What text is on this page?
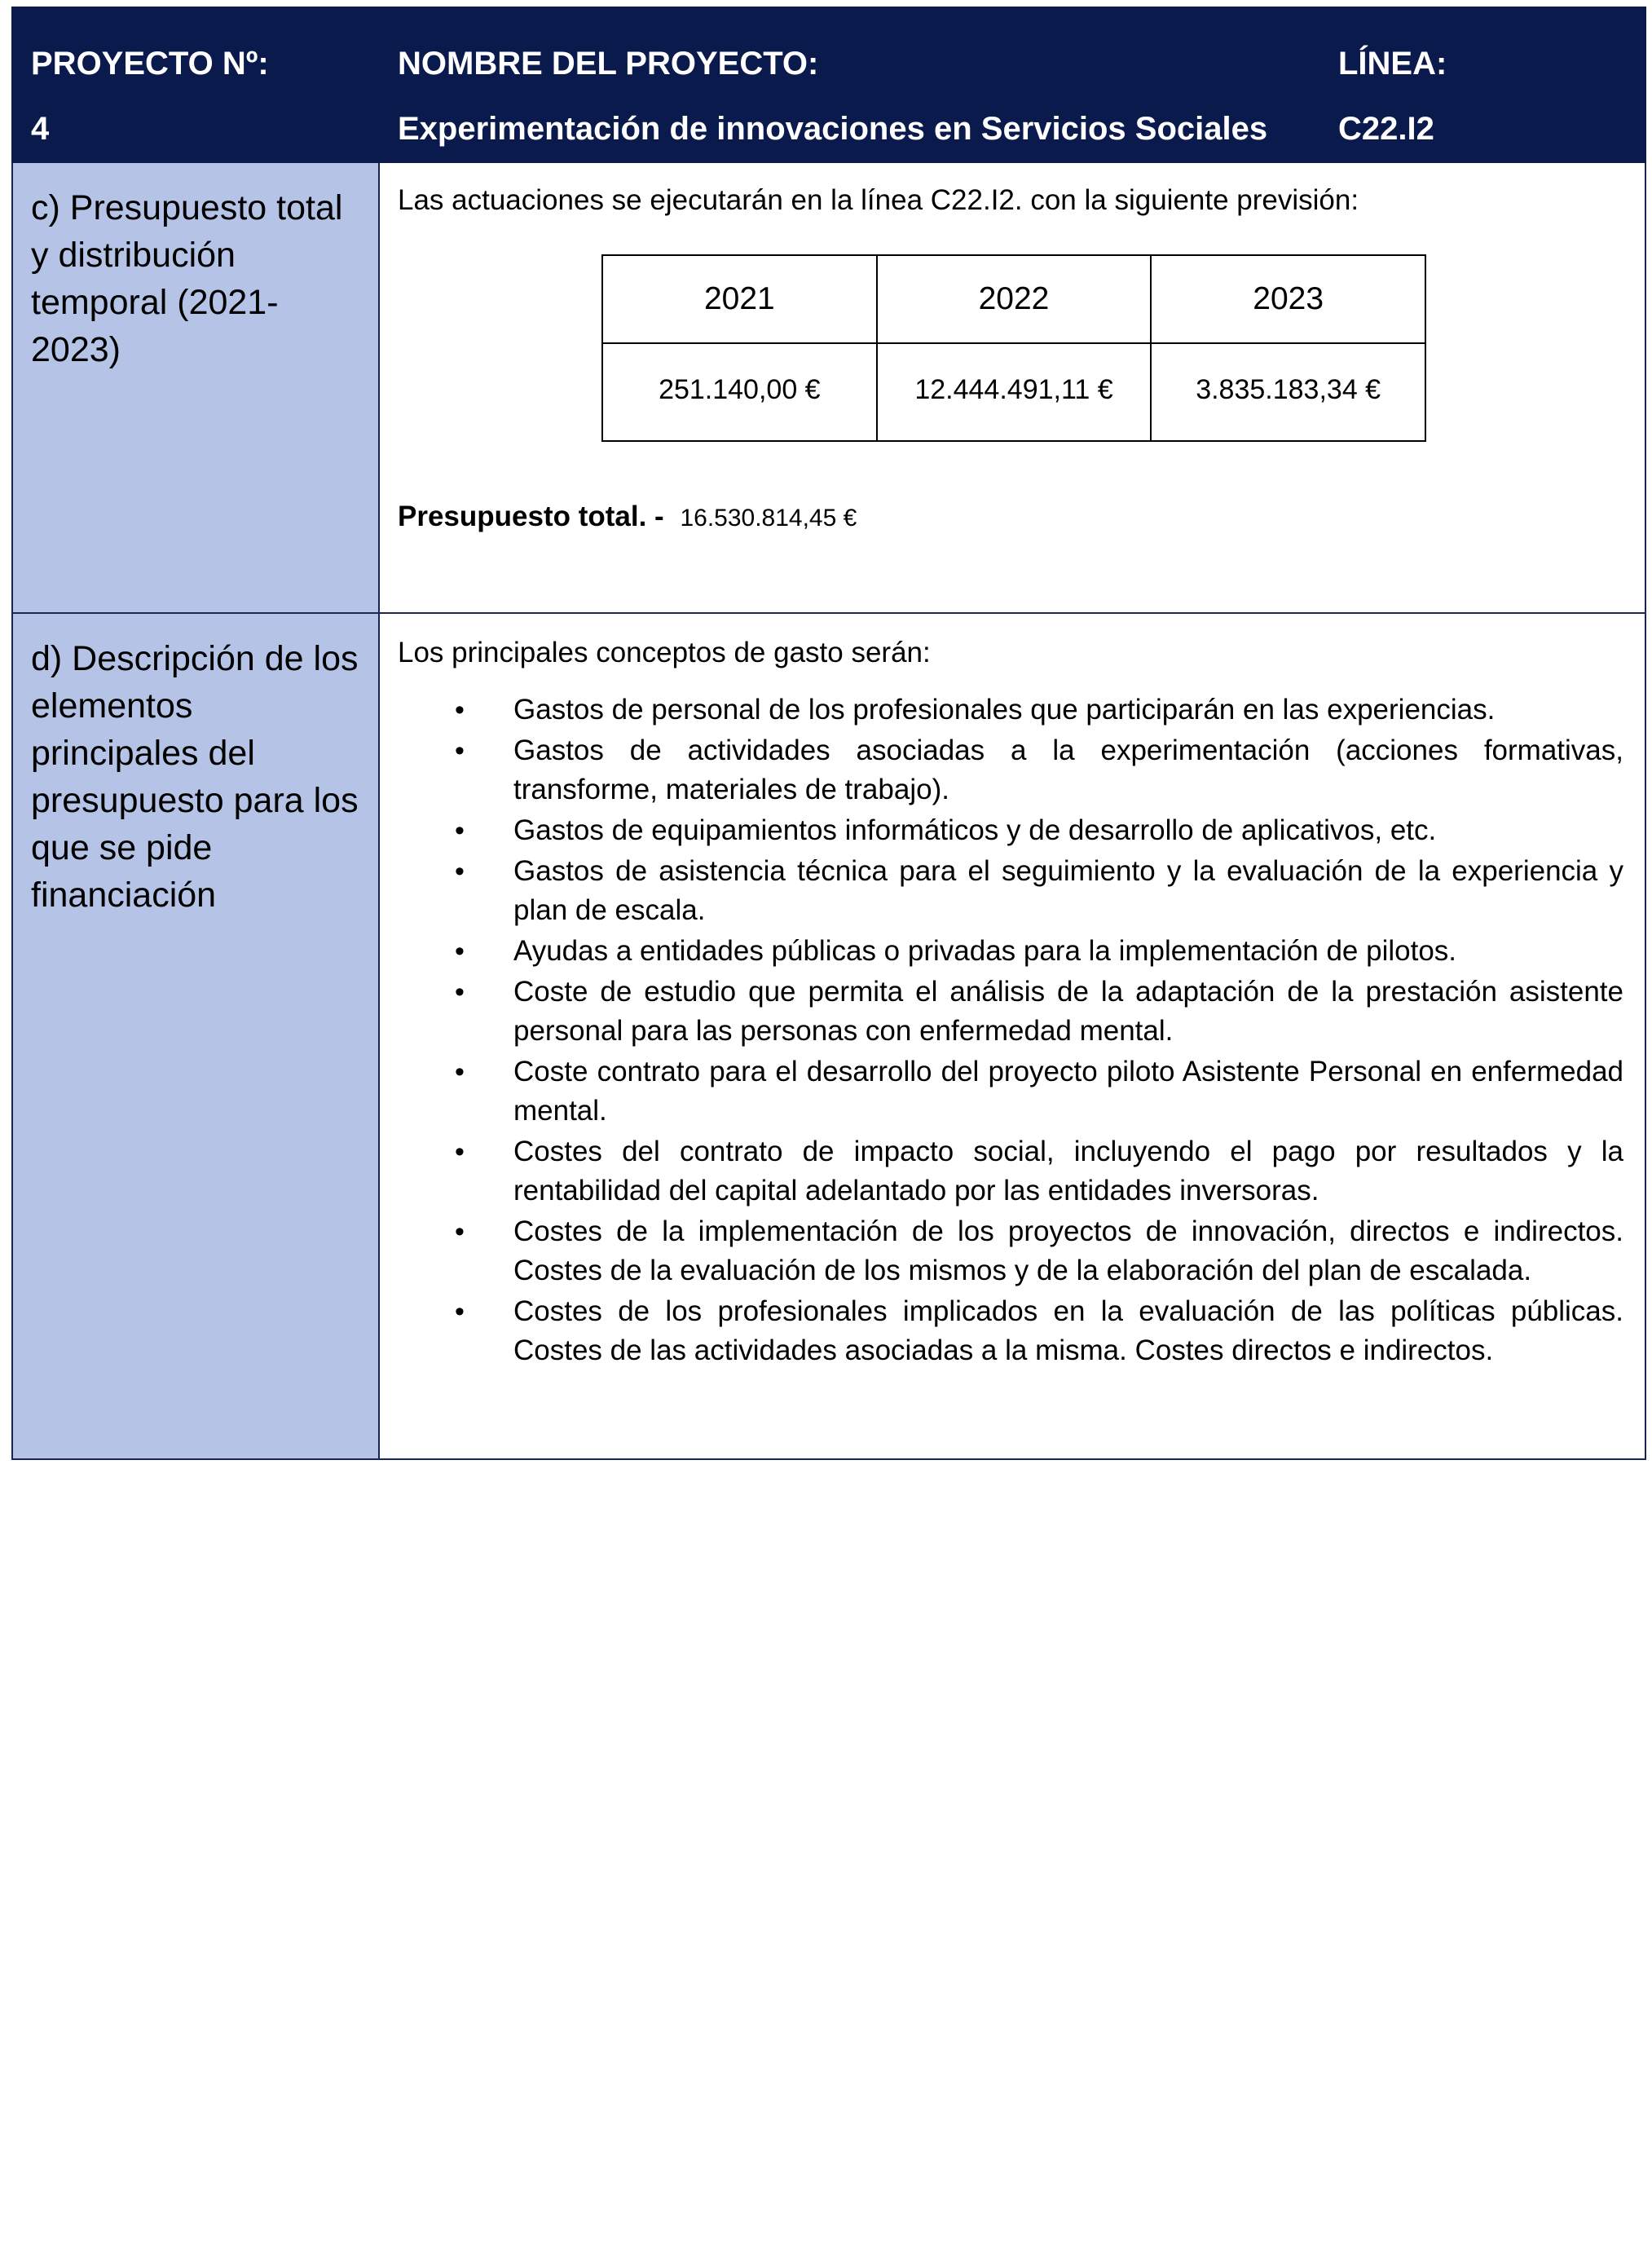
PROYECTO Nº:
4

NOMBRE DEL PROYECTO:
Experimentación de innovaciones en Servicios Sociales

LÍNEA:
C22.I2

c) Presupuesto total y distribución temporal (2021-2023)

Las actuaciones se ejecutarán en la línea C22.I2. con la siguiente previsión:
2021	2022	2023
251.140,00 €	12.444.491,11 €	3.835.183,34 €
Presupuesto total. - 16.530.814,45 €

d) Descripción de los elementos principales del presupuesto para los que se pide financiación

Los principales conceptos de gasto serán:
• Gastos de personal de los profesionales que participarán en las experiencias.
• Gastos de actividades asociadas a la experimentación (acciones formativas, transforme, materiales de trabajo).
• Gastos de equipamientos informáticos y de desarrollo de aplicativos, etc.
• Gastos de asistencia técnica para el seguimiento y la evaluación de la experiencia y plan de escala.
• Ayudas a entidades públicas o privadas para la implementación de pilotos.
• Coste de estudio que permita el análisis de la adaptación de la prestación asistente personal para las personas con enfermedad mental.
• Coste contrato para el desarrollo del proyecto piloto Asistente Personal en enfermedad mental.
• Costes del contrato de impacto social, incluyendo el pago por resultados y la rentabilidad del capital adelantado por las entidades inversoras.
• Costes de la implementación de los proyectos de innovación, directos e indirectos. Costes de la evaluación de los mismos y de la elaboración del plan de escalada.
• Costes de los profesionales implicados en la evaluación de las políticas públicas. Costes de las actividades asociadas a la misma. Costes directos e indirectos.
